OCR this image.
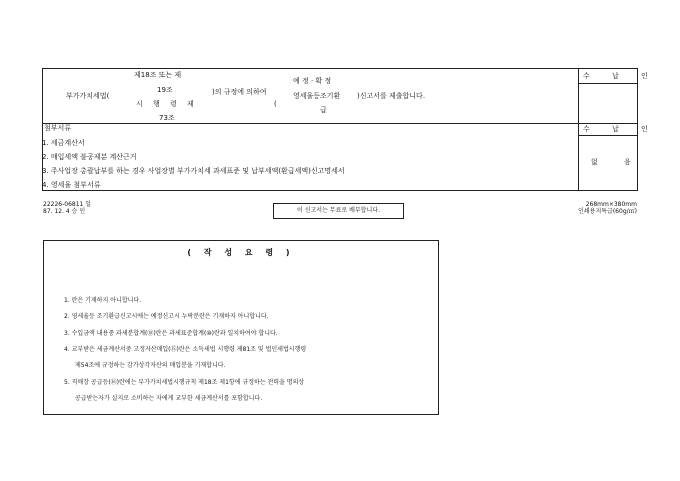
부가가치세법(
제18조 또는 제
19조
시 행 령 제
73조
)의 규정에 의하여
예 정 · 확 정
영세율등조기환
(
급
)신고서를 제출합니다.
수 납 인
첨부서류
1. 세금계산서
2. 매입세액 불공제분 계산근거
3. 주사업장 총괄납부를 하는 경우 사업장별 부가가치세 과세표준 및 납부세액(환급세액)신고명세서
4. 영세율 첨부서류
수 납 인
없 음
22226-06811 일
87. 12. 4 승 인	이 신고서는 무료로 배부합니다.
268mm×380mm
인쇄용지특급(60g/㎡)
( 작 성 요 령 )
1. 란은 기재하지 아니합니다.
2. 영세율등 조기환급신고시에는 예정신고시 누락분란은 기재하지 아니합니다.
3. 수입금액 내용중 과세분합계(⑱)란은 과세표준합계(⑩)란과 일치하여야 합니다.
4. 교부받은 세금계산서중 고정자산매입(⑮)란은 소득세법 시행령 제81조 및 법인세법시행령
제54조에 규정하는 감가상각자산의 매입분을 기재합니다.
5. 직매장 공급등(⑯)란에는 부가가치세법시행규칙 제18조 제1항에 규정하는 전력을 명의상
공급받는자가 실지로 소비하는 자에게 교부한 세금계산서를 포함합니다.
